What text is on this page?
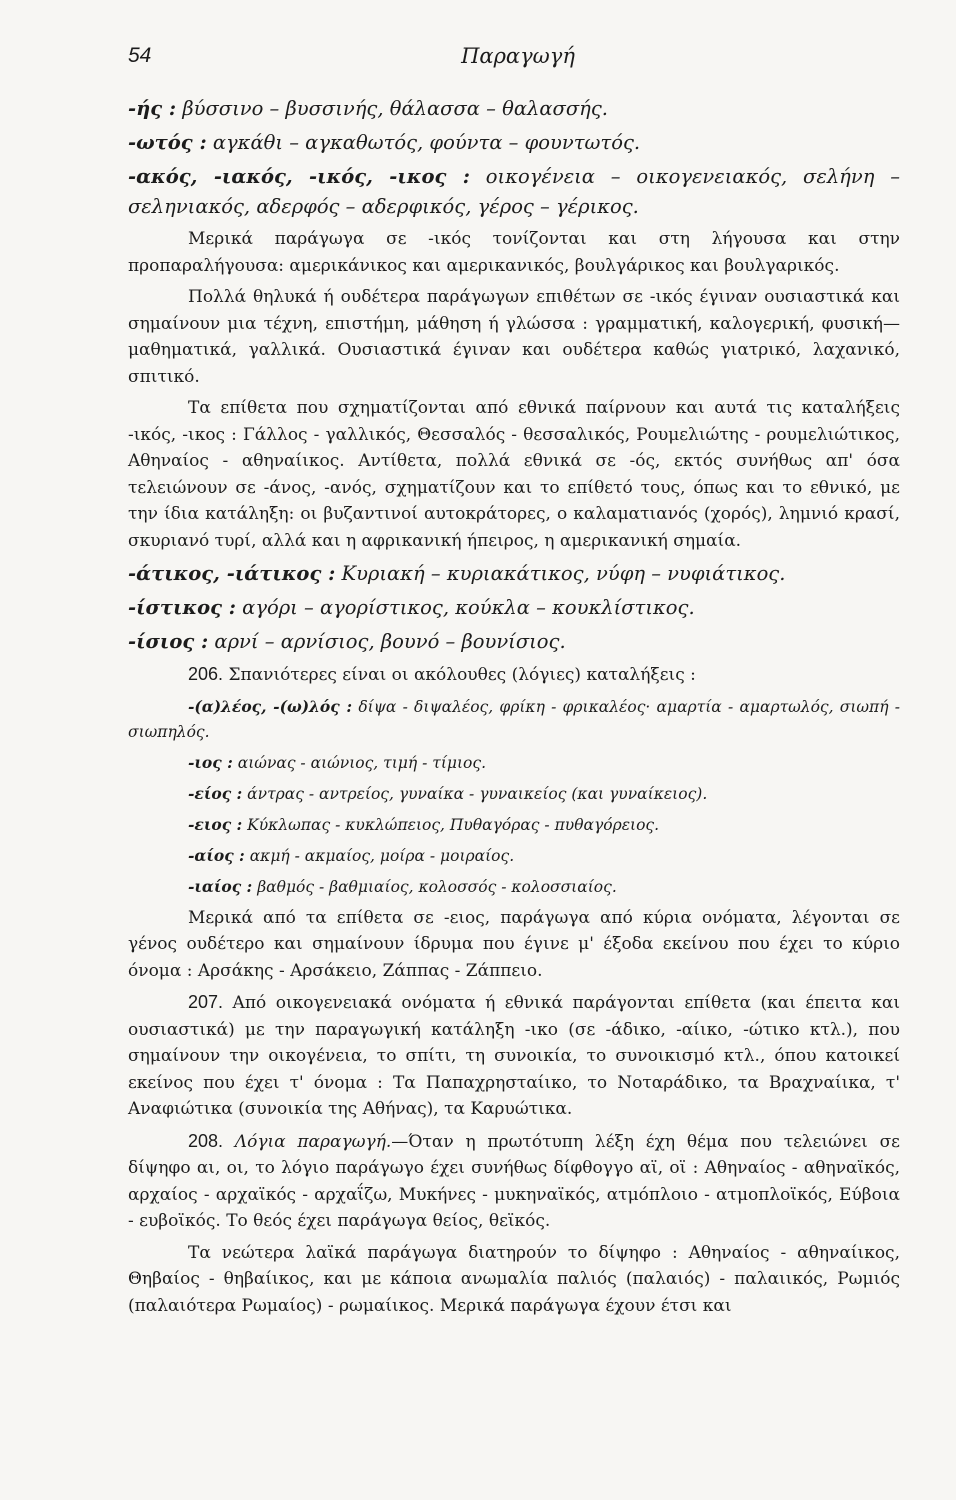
54	Παραγωγή

-ής : βύσσινο – βυσσινής, θάλασσα – θαλασσής.

-ωτός : αγκάθι – αγκαθωτός, φούντα – φουντωτός.

-ακός, -ιακός, -ικός, -ικος : οικογένεια – οικογενειακός, σελήνη – σεληνιακός, αδερφός – αδερφικός, γέρος – γέρικος.

Μερικά παράγωγα σε -ικός τονίζονται και στη λήγουσα και στην προπαραλήγουσα: αμερικάνικος και αμερικανικός, βουλγάρικος και βουλγαρικός.

Πολλά θηλυκά ή ουδέτερα παράγωγων επιθέτων σε -ικός έγιναν ουσιαστικά και σημαίνουν μια τέχνη, επιστήμη, μάθηση ή γλώσσα : γραμματική, καλογερική, φυσική—μαθηματικά, γαλλικά. Ουσιαστικά έγιναν και ουδέτερα καθώς γιατρικό, λαχανικό, σπιτικό.

Τα επίθετα που σχηματίζονται από εθνικά παίρνουν και αυτά τις καταλήξεις -ικός, -ικος : Γάλλος - γαλλικός, Θεσσαλός - θεσσαλικός, Ρουμελιώτης - ρουμελιώτικος, Αθηναίος - αθηναίικος. Αντίθετα, πολλά εθνικά σε -ός, εκτός συνήθως απ' όσα τελειώνουν σε -άνος, -ανός, σχηματίζουν και το επίθετό τους, όπως και το εθνικό, με την ίδια κατάληξη: οι βυζαντινοί αυτοκράτορες, ο καλαματιανός (χορός), λημνιό κρασί, σκυριανό τυρί, αλλά και η αφρικανική ήπειρος, η αμερικανική σημαία.

-άτικος, -ιάτικος : Κυριακή – κυριακάτικος, νύφη – νυφιάτικος.

-ίστικος : αγόρι – αγορίστικος, κούκλα – κουκλίστικος.

-ίσιος : αρνί – αρνίσιος, βουνό – βουνίσιος.

206. Σπανιότερες είναι οι ακόλουθες (λόγιες) καταλήξεις :

-(α)λέος, -(ω)λός : δίψα - διψαλέος, φρίκη - φρικαλέος· αμαρτία - αμαρτωλός, σιωπή - σιωπηλός.

-ιος : αιώνας - αιώνιος, τιμή - τίμιος.

-είος : άντρας - αντρείος, γυναίκα - γυναικείος (και γυναίκειος).

-ειος : Κύκλωπας - κυκλώπειος, Πυθαγόρας - πυθαγόρειος.

-αίος : ακμή - ακμαίος, μοίρα - μοιραίος.

-ιαίος : βαθμός - βαθμιαίος, κολοσσός - κολοσσιαίος.

Μερικά από τα επίθετα σε -ειος, παράγωγα από κύρια ονόματα, λέγονται σε γένος ουδέτερο και σημαίνουν ίδρυμα που έγινε μ' έξοδα εκείνου που έχει το κύριο όνομα : Αρσάκης - Αρσάκειο, Ζάππας - Ζάππειο.

207. Από οικογενειακά ονόματα ή εθνικά παράγονται επίθετα (και έπειτα και ουσιαστικά) με την παραγωγική κατάληξη -ικο (σε -άδικο, -αίικο, -ώτικο κτλ.), που σημαίνουν την οικογένεια, το σπίτι, τη συνοικία, το συνοικισμό κτλ., όπου κατοικεί εκείνος που έχει τ' όνομα : Τα Παπαχρησταίικο, το Νοταράδικο, τα Βραχναίικα, τ' Αναφιώτικα (συνοικία της Αθήνας), τα Καρυώτικα.

208. Λόγια παραγωγή.—Όταν η πρωτότυπη λέξη έχη θέμα που τελειώνει σε δίψηφο αι, οι, το λόγιο παράγωγο έχει συνήθως δίφθογγο αϊ, οϊ : Αθηναίος - αθηναϊκός, αρχαίος - αρχαϊκός - αρχαΐζω, Μυκήνες - μυκηναϊκός, ατμόπλοιο - ατμοπλοϊκός, Εύβοια - ευβοϊκός. Το θεός έχει παράγωγα θείος, θεϊκός.

Τα νεώτερα λαϊκά παράγωγα διατηρούν το δίψηφο : Αθηναίος - αθηναίικος, Θηβαίος - θηβαίικος, και με κάποια ανωμαλία παλιός (παλαιός) - παλαιικός, Ρωμιός (παλαιότερα Ρωμαίος) - ρωμαίικος. Μερικά παράγωγα έχουν έτσι και
